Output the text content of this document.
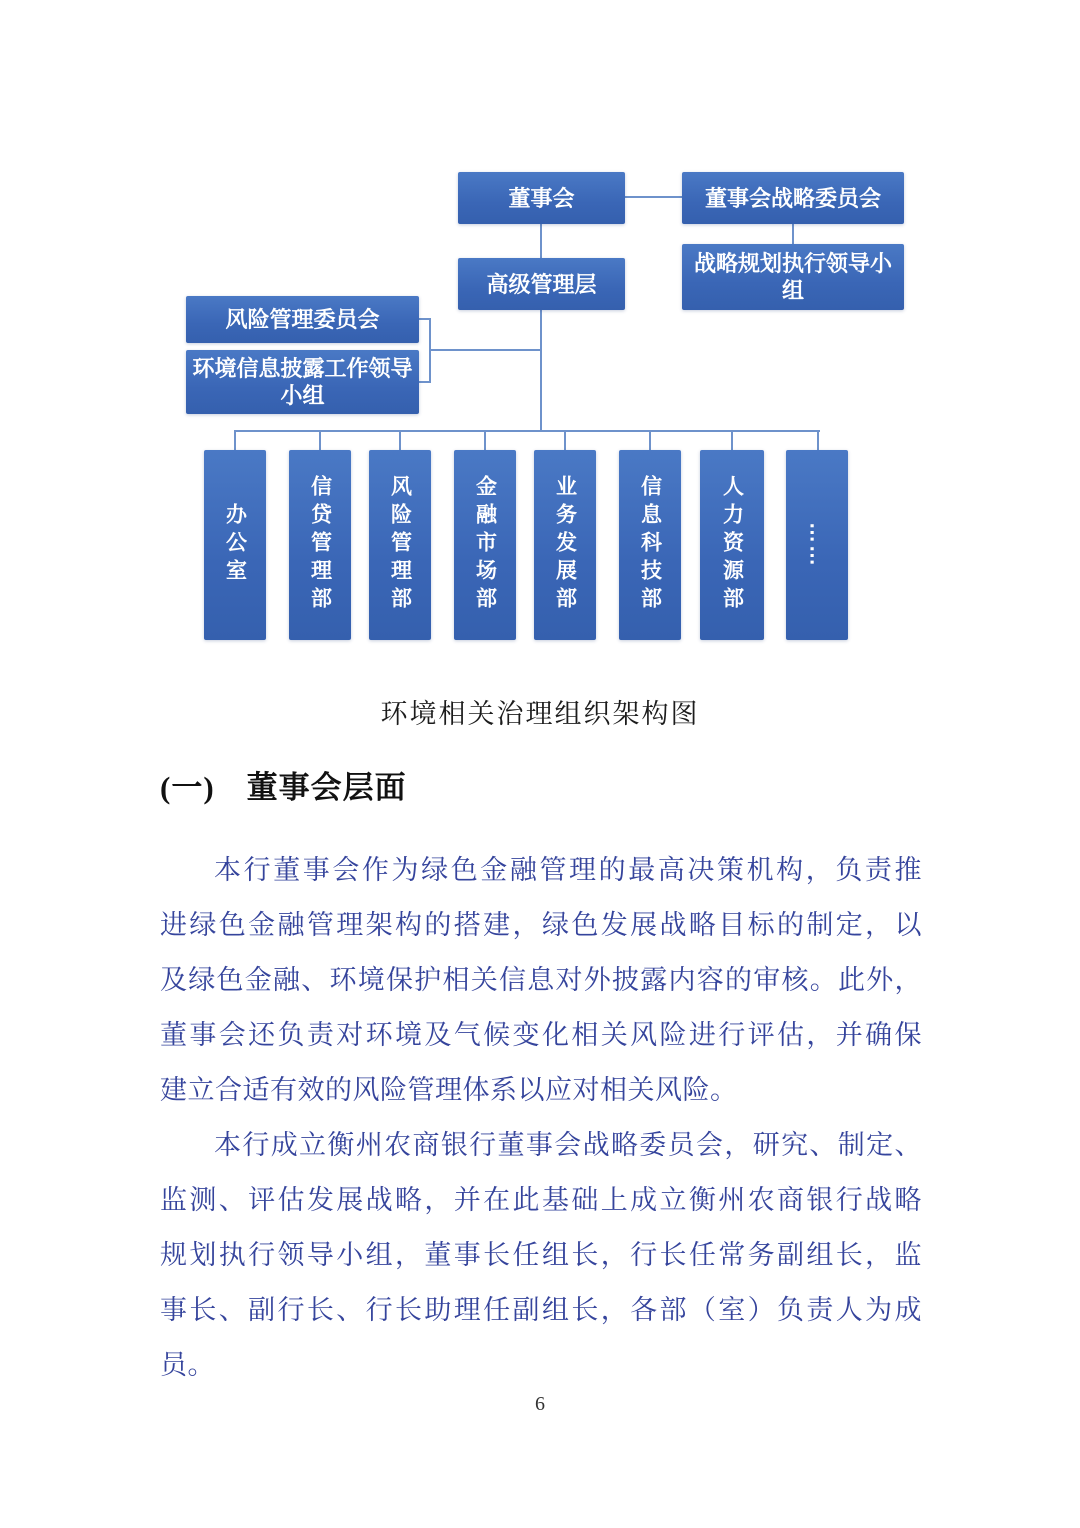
董事会	董事会战略委员会
高级管理层
战略规划执行领导小组
风险管理委员会
环境信息披露工作领导小组
办公室	信贷管理部	风险管理部	金融市场部	业务发展部	信息科技部	人力资源部	……
环境相关治理组织架构图
(一)　董事会层面
本行董事会作为绿色金融管理的最高决策机构，负责推
进绿色金融管理架构的搭建，绿色发展战略目标的制定，以
及绿色金融、环境保护相关信息对外披露内容的审核。此外，
董事会还负责对环境及气候变化相关风险进行评估，并确保
建立合适有效的风险管理体系以应对相关风险。
本行成立衡州农商银行董事会战略委员会，研究、制定、
监测、评估发展战略，并在此基础上成立衡州农商银行战略
规划执行领导小组，董事长任组长，行长任常务副组长，监
事长、副行长、行长助理任副组长，各部（室）负责人为成
员。
6
